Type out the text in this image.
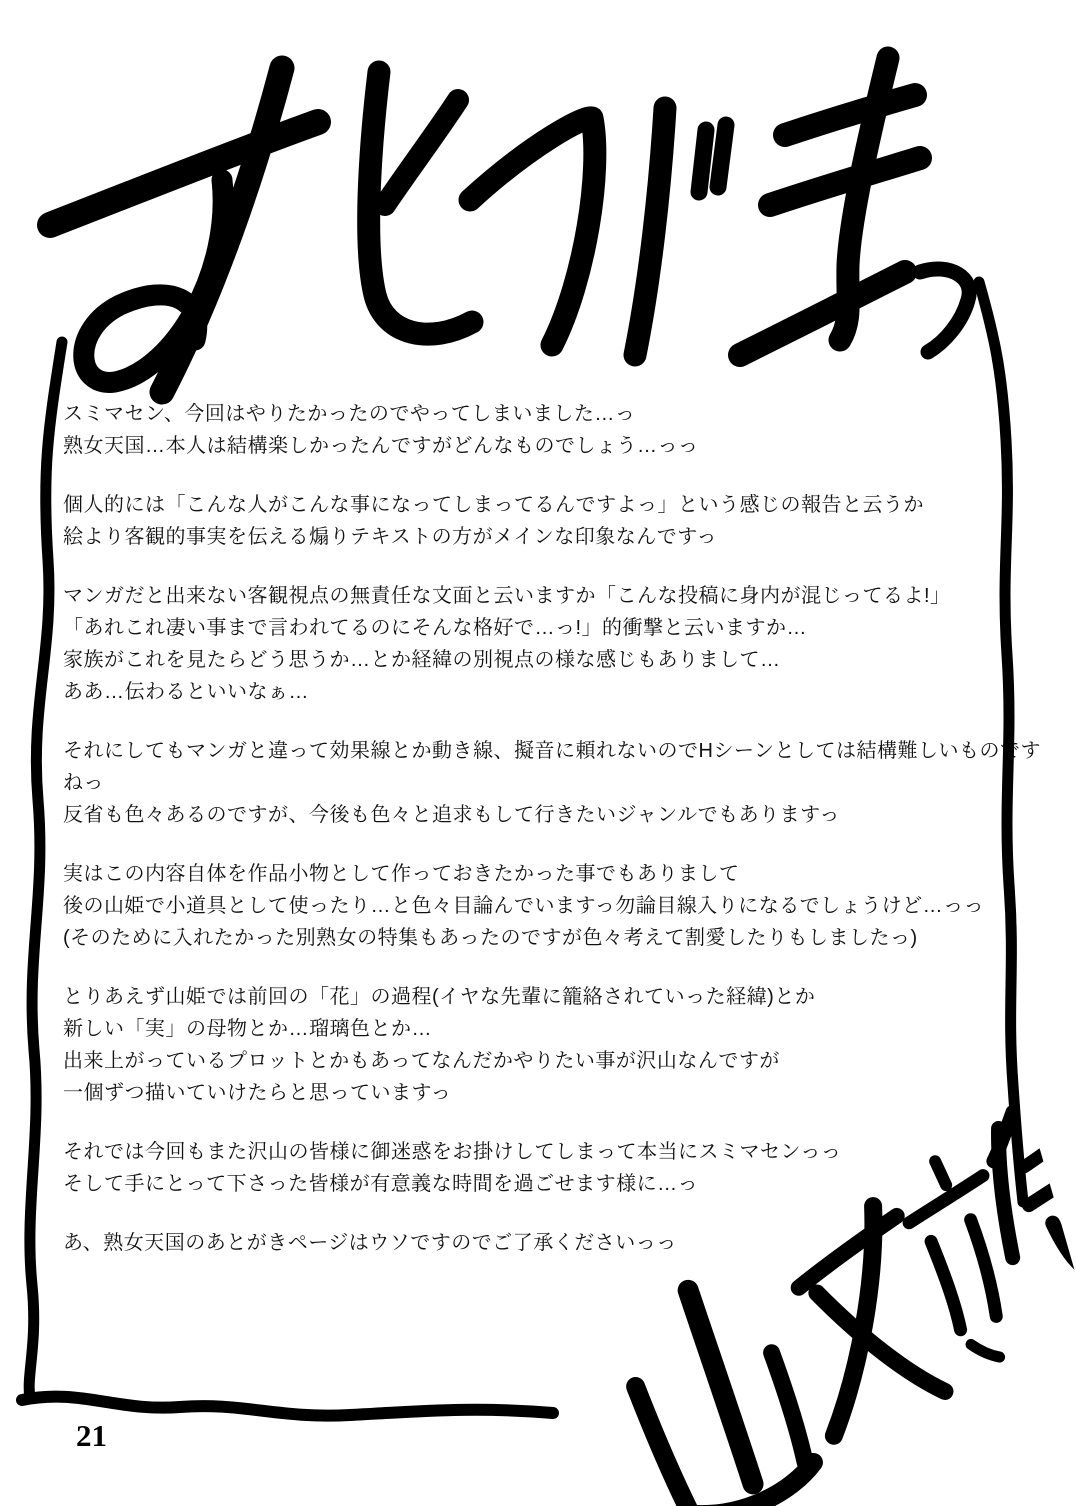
スミマセン、今回はやりたかったのでやってしまいました…っ
熟女天国…本人は結構楽しかったんですがどんなものでしょう…っっ
個人的には「こんな人がこんな事になってしまってるんですよっ」という感じの報告と云うか
絵より客観的事実を伝える煽りテキストの方がメインな印象なんですっ
マンガだと出来ない客観視点の無責任な文面と云いますか「こんな投稿に身内が混じってるよ!」
「あれこれ凄い事まで言われてるのにそんな格好で…っ!」的衝撃と云いますか…
家族がこれを見たらどう思うか…とか経緯の別視点の様な感じもありまして…
ああ…伝わるといいなぁ…
それにしてもマンガと違って効果線とか動き線、擬音に頼れないのでHシーンとしては結構難しいものです
ねっ
反省も色々あるのですが、今後も色々と追求もして行きたいジャンルでもありますっ
実はこの内容自体を作品小物として作っておきたかった事でもありまして
後の山姫で小道具として使ったり…と色々目論んでいますっ勿論目線入りになるでしょうけど…っっ
(そのために入れたかった別熟女の特集もあったのですが色々考えて割愛したりもしましたっ)
とりあえず山姫では前回の「花」の過程(イヤな先輩に籠絡されていった経緯)とか
新しい「実」の母物とか…瑠璃色とか…
出来上がっているプロットとかもあってなんだかやりたい事が沢山なんですが
一個ずつ描いていけたらと思っていますっ
それでは今回もまた沢山の皆様に御迷惑をお掛けしてしまって本当にスミマセンっっ
そして手にとって下さった皆様が有意義な時間を過ごせます様に…っ
あ、熟女天国のあとがきページはウソですのでご了承くださいっっ
21
